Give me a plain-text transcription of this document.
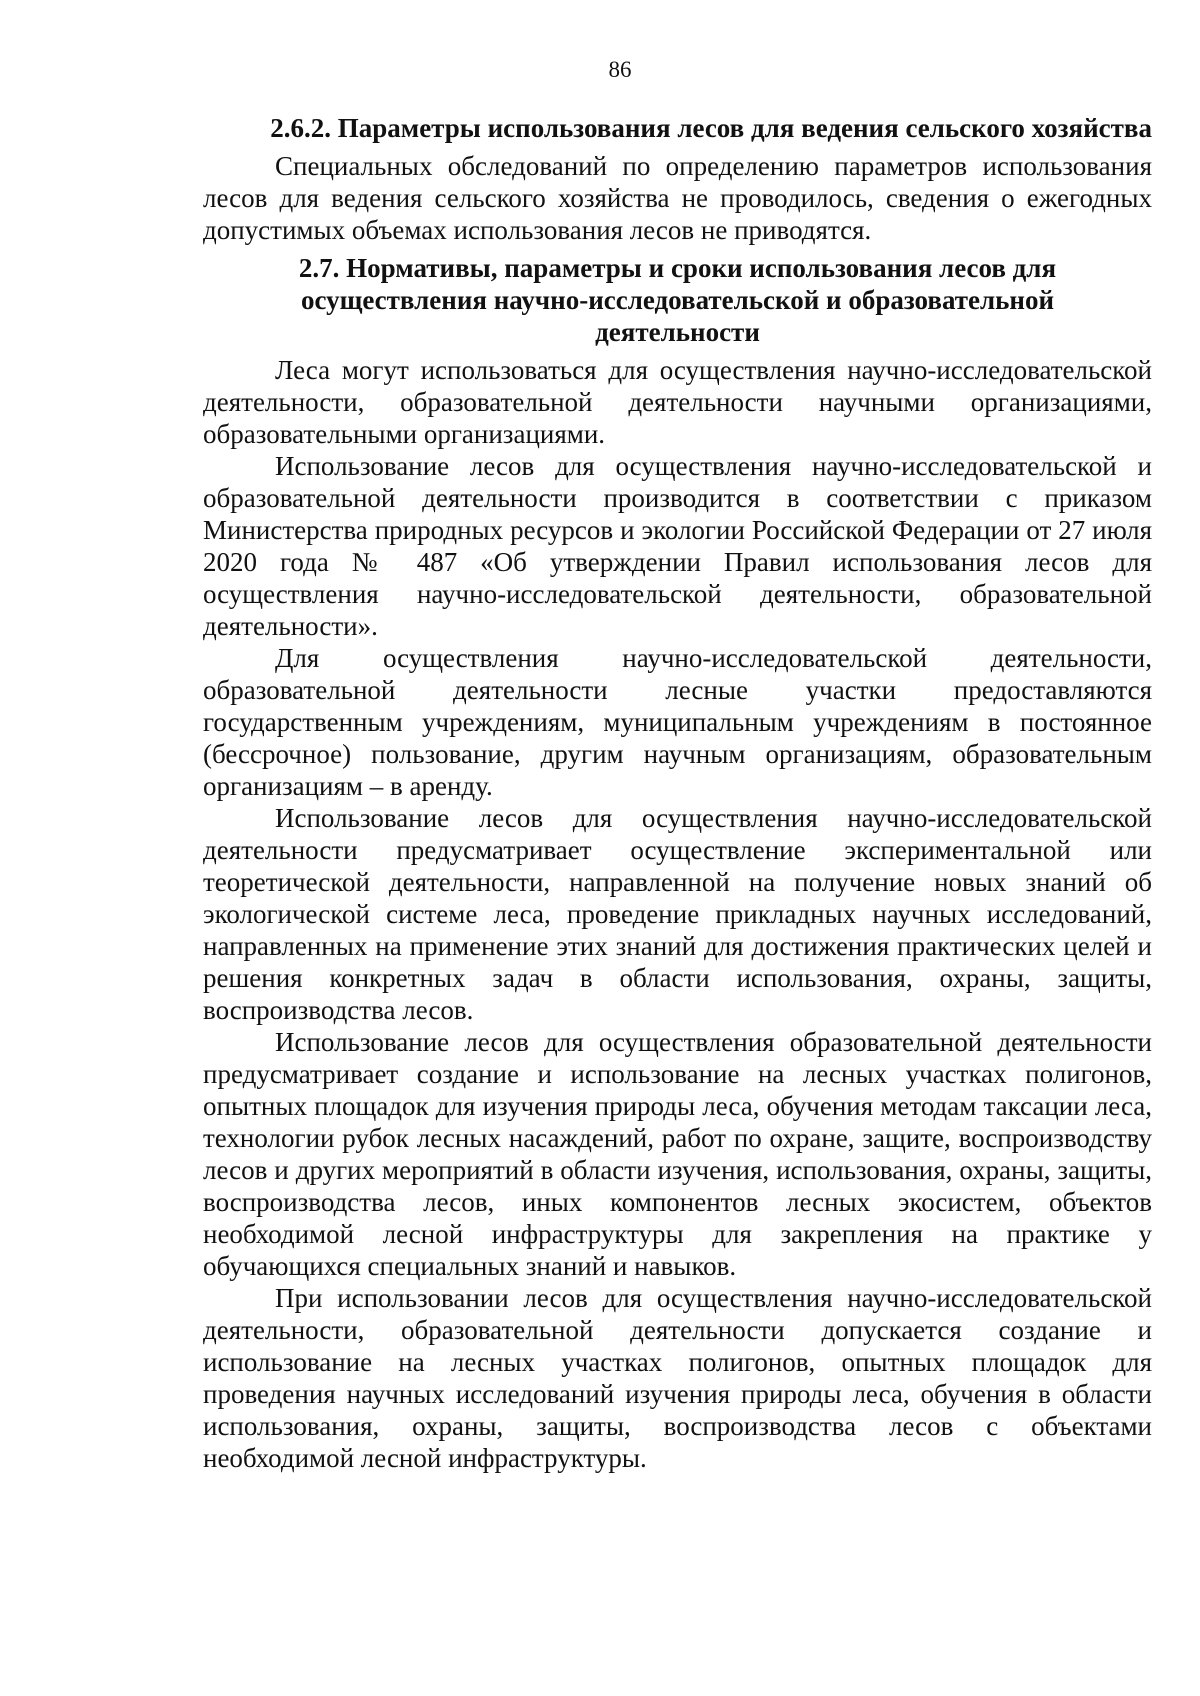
86

2.6.2. Параметры использования лесов для ведения сельского хозяйства

Специальных обследований по определению параметров использования лесов для ведения сельского хозяйства не проводилось, сведения о ежегодных допустимых объемах использования лесов не приводятся.

2.7. Нормативы, параметры и сроки использования лесов для осуществления научно-исследовательской и образовательной деятельности

Леса могут использоваться для осуществления научно-исследовательской деятельности, образовательной деятельности научными организациями, образовательными организациями.

Использование лесов для осуществления научно-исследовательской и образовательной деятельности производится в соответствии с приказом Министерства природных ресурсов и экологии Российской Федерации от 27 июля 2020 года № 487 «Об утверждении Правил использования лесов для осуществления научно-исследовательской деятельности, образовательной деятельности».

Для осуществления научно-исследовательской деятельности, образовательной деятельности лесные участки предоставляются государственным учреждениям, муниципальным учреждениям в постоянное (бессрочное) пользование, другим научным организациям, образовательным организациям – в аренду.

Использование лесов для осуществления научно-исследовательской деятельности предусматривает осуществление экспериментальной или теоретической деятельности, направленной на получение новых знаний об экологической системе леса, проведение прикладных научных исследований, направленных на применение этих знаний для достижения практических целей и решения конкретных задач в области использования, охраны, защиты, воспроизводства лесов.

Использование лесов для осуществления образовательной деятельности предусматривает создание и использование на лесных участках полигонов, опытных площадок для изучения природы леса, обучения методам таксации леса, технологии рубок лесных насаждений, работ по охране, защите, воспроизводству лесов и других мероприятий в области изучения, использования, охраны, защиты, воспроизводства лесов, иных компонентов лесных экосистем, объектов необходимой лесной инфраструктуры для закрепления на практике у обучающихся специальных знаний и навыков.

При использовании лесов для осуществления научно-исследовательской деятельности, образовательной деятельности допускается создание и использование на лесных участках полигонов, опытных площадок для проведения научных исследований изучения природы леса, обучения в области использования, охраны, защиты, воспроизводства лесов с объектами необходимой лесной инфраструктуры.
